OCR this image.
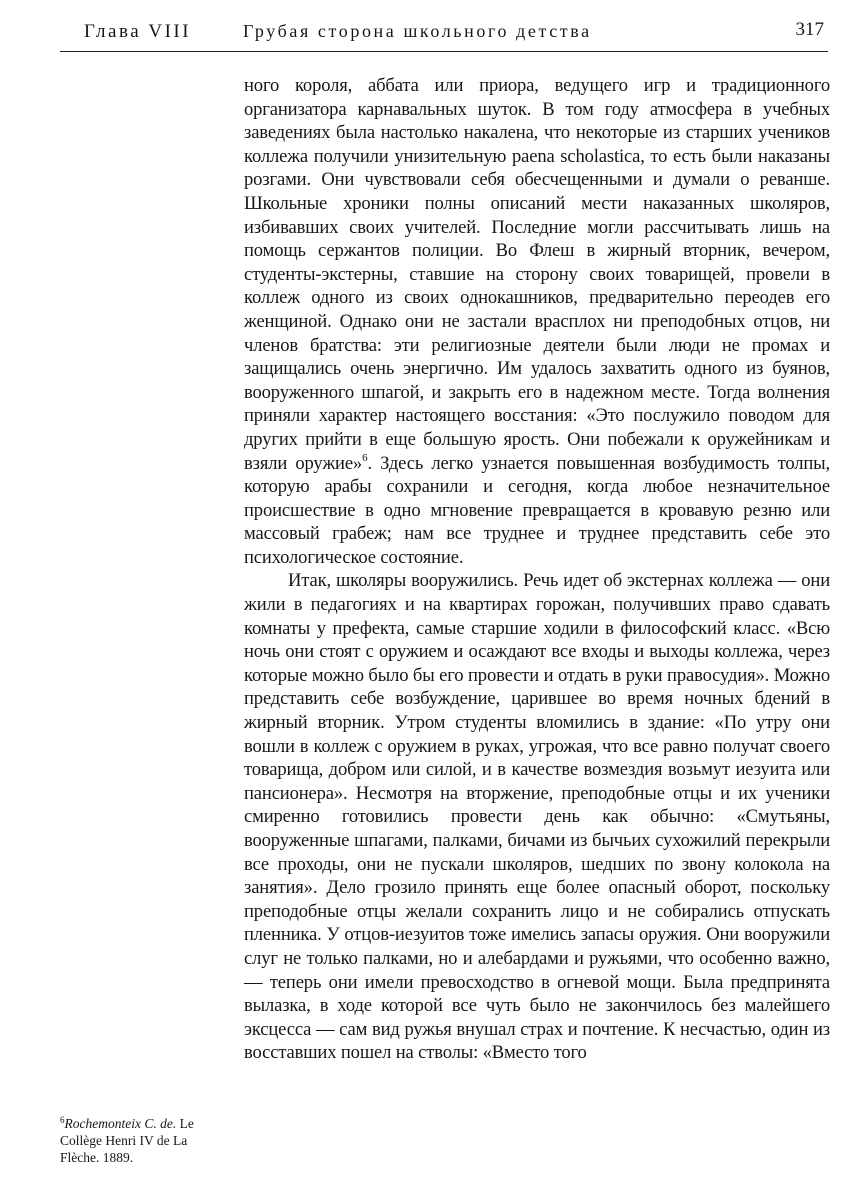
Глава VIII	Грубая сторона школьного детства	317

ного короля, аббата или приора, ведущего игр и традиционного организатора карнавальных шуток. В том году атмосфера в учебных заведениях была настолько накалена, что некоторые из старших учеников коллежа получили унизительную paena scholastica, то есть были наказаны розгами. Они чувствовали себя обесчещенными и думали о реванше. Школьные хроники полны описаний мести наказанных школяров, избивавших своих учителей. Последние могли рассчитывать лишь на помощь сержантов полиции. Во Флеш в жирный вторник, вечером, студенты-экстерны, ставшие на сторону своих товарищей, провели в коллеж одного из своих однокашников, предварительно переодев его женщиной. Однако они не застали врасплох ни преподобных отцов, ни членов братства: эти религиозные деятели были люди не промах и защищались очень энергично. Им удалось захватить одного из буянов, вооруженного шпагой, и закрыть его в надежном месте. Тогда волнения приняли характер настоящего восстания: «Это послужило поводом для других прийти в еще большую ярость. Они побежали к оружейникам и взяли оружие»$^6$. Здесь легко узнается повышенная возбудимость толпы, которую арабы сохранили и сегодня, когда любое незначительное происшествие в одно мгновение превращается в кровавую резню или массовый грабеж; нам все труднее и труднее представить себе это психологическое состояние.

Итак, школяры вооружились. Речь идет об экстернах коллежа — они жили в педагогиях и на квартирах горожан, получивших право сдавать комнаты у префекта, самые старшие ходили в философский класс. «Всю ночь они стоят с оружием и осаждают все входы и выходы коллежа, через которые можно было бы его провести и отдать в руки правосудия». Можно представить себе возбуждение, царившее во время ночных бдений в жирный вторник. Утром студенты вломились в здание: «По утру они вошли в коллеж с оружием в руках, угрожая, что все равно получат своего товарища, добром или силой, и в качестве возмездия возьмут иезуита или пансионера». Несмотря на вторжение, преподобные отцы и их ученики смиренно готовились провести день как обычно: «Смутьяны, вооруженные шпагами, палками, бичами из бычьих сухожилий перекрыли все проходы, они не пускали школяров, шедших по звону колокола на занятия». Дело грозило принять еще более опасный оборот, поскольку преподобные отцы желали сохранить лицо и не собирались отпускать пленника. У отцов-иезуитов тоже имелись запасы оружия. Они вооружили слуг не только палками, но и алебардами и ружьями, что особенно важно,— теперь они имели превосходство в огневой мощи. Была предпринята вылазка, в ходе которой все чуть было не закончилось без малейшего эксцесса — сам вид ружья внушал страх и почтение. К несчастью, один из восставших пошел на стволы: «Вместо того

$^6$Rochemonteix C. de. Le Collège Henri IV de La Flèche. 1889.
